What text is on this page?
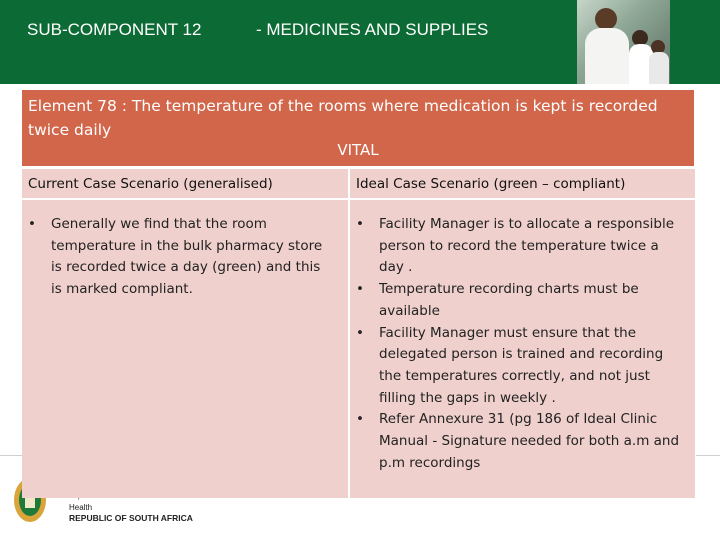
SUB-COMPONENT 12	- MEDICINES AND SUPPLIES
Health
REPUBLIC OF SOUTH AFRICA
Element 78 : The temperature of the rooms where medication is kept is recorded twice daily
VITAL
Current Case Scenario (generalised)	Ideal Case Scenario (green – compliant)
• Generally we find that the room temperature in the bulk pharmacy store is recorded twice a day (green) and this is marked compliant.
• Facility Manager is to allocate a responsible person to record the temperature twice a day .
• Temperature recording charts must be available
• Facility Manager must ensure that the delegated person is trained and recording the temperatures correctly, and not just filling the gaps in weekly .
• Refer Annexure 31 (pg 186 of Ideal Clinic Manual - Signature needed for both a.m and p.m recordings
